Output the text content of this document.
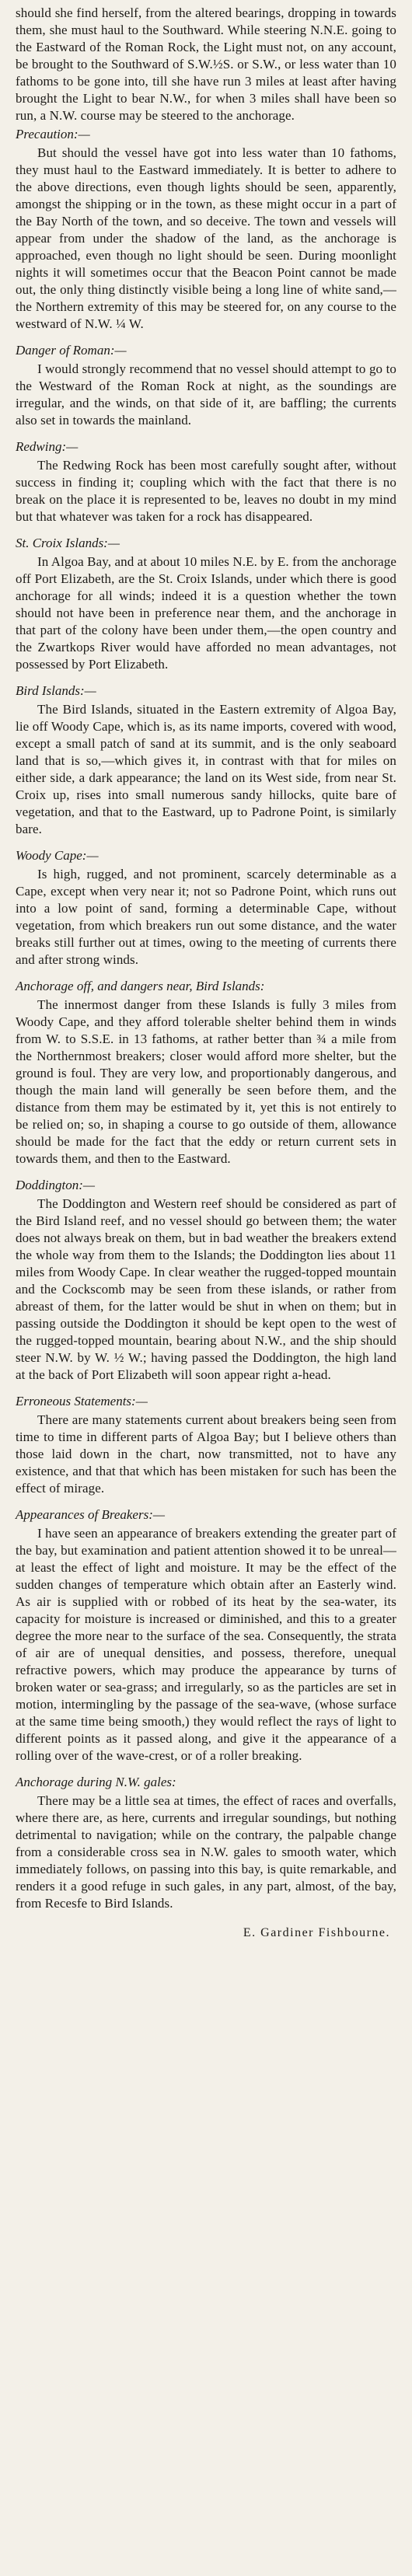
should she find herself, from the altered bearings, dropping in towards them, she must haul to the Southward. While steering N.N.E. going to the Eastward of the Roman Rock, the Light must not, on any account, be brought to the Southward of S.W.½S. or S.W., or less water than 10 fathoms to be gone into, till she have run 3 miles at least after having brought the Light to bear N.W., for when 3 miles shall have been so run, a N.W. course may be steered to the anchorage.

Precaution:—

But should the vessel have got into less water than 10 fathoms, they must haul to the Eastward immediately. It is better to adhere to the above directions, even though lights should be seen, apparently, amongst the shipping or in the town, as these might occur in a part of the Bay North of the town, and so deceive. The town and vessels will appear from under the shadow of the land, as the anchorage is approached, even though no light should be seen. During moonlight nights it will sometimes occur that the Beacon Point cannot be made out, the only thing distinctly visible being a long line of white sand,—the Northern extremity of this may be steered for, on any course to the westward of N.W. ¼ W.

Danger of Roman:—

I would strongly recommend that no vessel should attempt to go to the Westward of the Roman Rock at night, as the soundings are irregular, and the winds, on that side of it, are baffling; the currents also set in towards the mainland.

Redwing:—

The Redwing Rock has been most carefully sought after, without success in finding it; coupling which with the fact that there is no break on the place it is represented to be, leaves no doubt in my mind but that whatever was taken for a rock has disappeared.

St. Croix Islands:—

In Algoa Bay, and at about 10 miles N.E. by E. from the anchorage off Port Elizabeth, are the St. Croix Islands, under which there is good anchorage for all winds; indeed it is a question whether the town should not have been in preference near them, and the anchorage in that part of the colony have been under them,—the open country and the Zwartkops River would have afforded no mean advantages, not possessed by Port Elizabeth.

Bird Islands:—

The Bird Islands, situated in the Eastern extremity of Algoa Bay, lie off Woody Cape, which is, as its name imports, covered with wood, except a small patch of sand at its summit, and is the only seaboard land that is so,—which gives it, in contrast with that for miles on either side, a dark appearance; the land on its West side, from near St. Croix up, rises into small numerous sandy hillocks, quite bare of vegetation, and that to the Eastward, up to Padrone Point, is similarly bare.

Woody Cape:—

Is high, rugged, and not prominent, scarcely determinable as a Cape, except when very near it; not so Padrone Point, which runs out into a low point of sand, forming a determinable Cape, without vegetation, from which breakers run out some distance, and the water breaks still further out at times, owing to the meeting of currents there and after strong winds.

Anchorage off, and dangers near, Bird Islands:

The innermost danger from these Islands is fully 3 miles from Woody Cape, and they afford tolerable shelter behind them in winds from W. to S.S.E. in 13 fathoms, at rather better than ¾ a mile from the Northernmost breakers; closer would afford more shelter, but the ground is foul. They are very low, and proportionably dangerous, and though the main land will generally be seen before them, and the distance from them may be estimated by it, yet this is not entirely to be relied on; so, in shaping a course to go outside of them, allowance should be made for the fact that the eddy or return current sets in towards them, and then to the Eastward.

Doddington:—

The Doddington and Western reef should be considered as part of the Bird Island reef, and no vessel should go between them; the water does not always break on them, but in bad weather the breakers extend the whole way from them to the Islands; the Doddington lies about 11 miles from Woody Cape. In clear weather the rugged-topped mountain and the Cockscomb may be seen from these islands, or rather from abreast of them, for the latter would be shut in when on them; but in passing outside the Doddington it should be kept open to the west of the rugged-topped mountain, bearing about N.W., and the ship should steer N.W. by W. ½ W.; having passed the Doddington, the high land at the back of Port Elizabeth will soon appear right a-head.

Erroneous Statements:—

There are many statements current about breakers being seen from time to time in different parts of Algoa Bay; but I believe others than those laid down in the chart, now transmitted, not to have any existence, and that that which has been mistaken for such has been the effect of mirage.

Appearances of Breakers:—

I have seen an appearance of breakers extending the greater part of the bay, but examination and patient attention showed it to be unreal—at least the effect of light and moisture. It may be the effect of the sudden changes of temperature which obtain after an Easterly wind. As air is supplied with or robbed of its heat by the sea-water, its capacity for moisture is increased or diminished, and this to a greater degree the more near to the surface of the sea. Consequently, the strata of air are of unequal densities, and possess, therefore, unequal refractive powers, which may produce the appearance by turns of broken water or sea-grass; and irregularly, so as the particles are set in motion, intermingling by the passage of the sea-wave, (whose surface at the same time being smooth,) they would reflect the rays of light to different points as it passed along, and give it the appearance of a rolling over of the wave-crest, or of a roller breaking.

Anchorage during N.W. gales:

There may be a little sea at times, the effect of races and overfalls, where there are, as here, currents and irregular soundings, but nothing detrimental to navigation; while on the contrary, the palpable change from a considerable cross sea in N.W. gales to smooth water, which immediately follows, on passing into this bay, is quite remarkable, and renders it a good refuge in such gales, in any part, almost, of the bay, from Recesfe to Bird Islands.

E. Gardiner Fishbourne.
